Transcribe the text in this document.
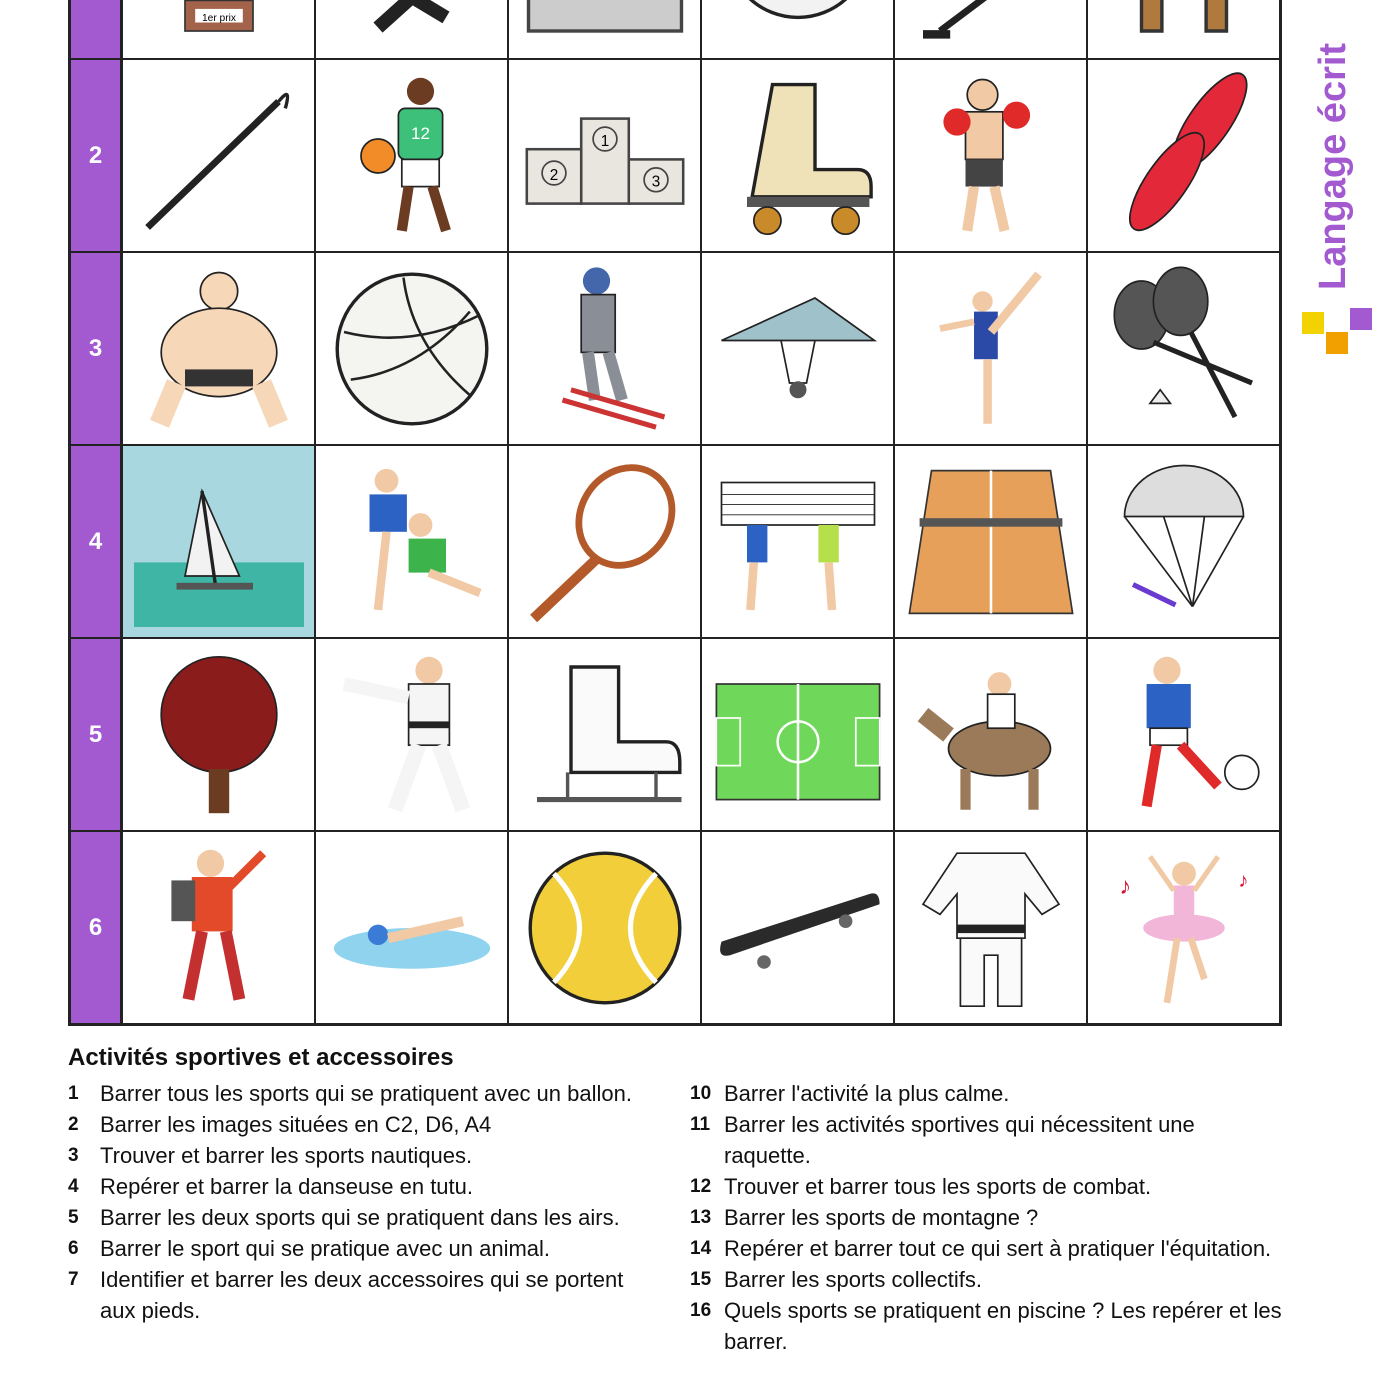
1er prix
2
12	1
2	3
3
4
5
6
♪	♪
Langage écrit
Activités sportives et accessoires
1 Barrer tous les sports qui se pratiquent avec un ballon.
2 Barrer les images situées en C2, D6, A4
3 Trouver et barrer les sports nautiques.
4 Repérer et barrer la danseuse en tutu.
5 Barrer les deux sports qui se pratiquent dans les airs.
6 Barrer le sport qui se pratique avec un animal.
7 Identifier et barrer les deux accessoires qui se portent aux pieds.
10 Barrer l'activité la plus calme.
11 Barrer les activités sportives qui nécessitent une raquette.
12 Trouver et barrer tous les sports de combat.
13 Barrer les sports de montagne ?
14 Repérer et barrer tout ce qui sert à pratiquer l'équitation.
15 Barrer les sports collectifs.
16 Quels sports se pratiquent en piscine ? Les repérer et les barrer.
